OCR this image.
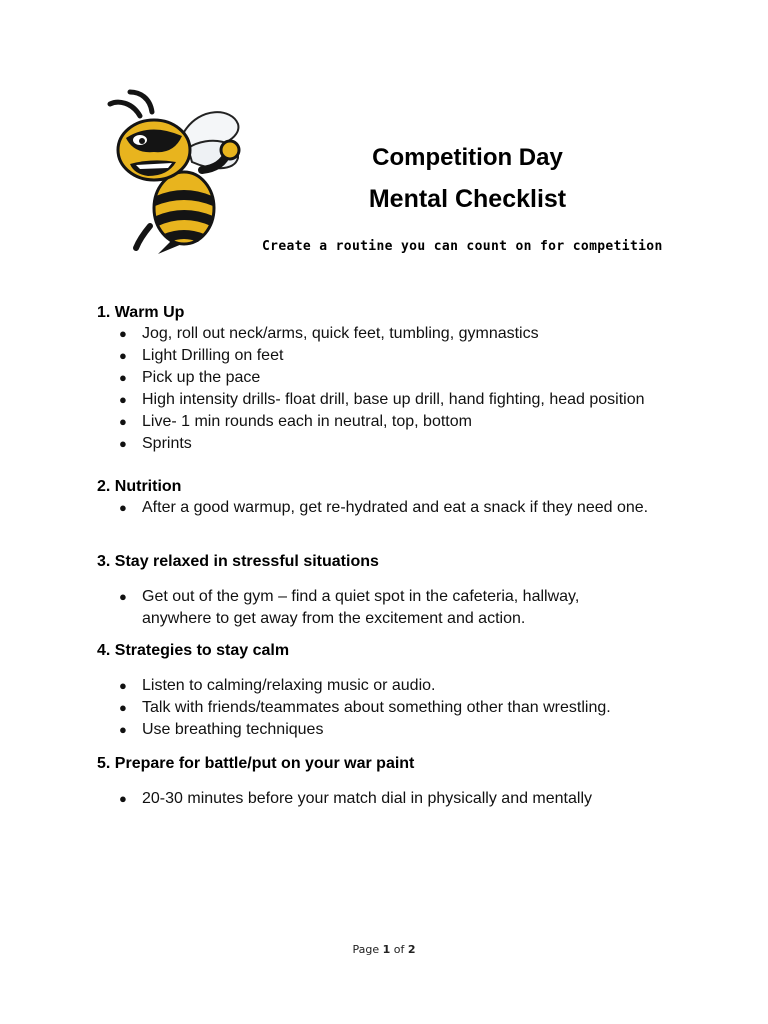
Competition Day
Mental Checklist
Create a routine you can count on for competition

1. Warm Up

● Jog, roll out neck/arms, quick feet, tumbling, gymnastics
● Light Drilling on feet
● Pick up the pace
● High intensity drills- float drill, base up drill, hand fighting, head position
● Live- 1 min rounds each in neutral, top, bottom
● Sprints

2. Nutrition

● After a good warmup, get re-hydrated and eat a snack if they need one.

3. Stay relaxed in stressful situations

● Get out of the gym – find a quiet spot in the cafeteria, hallway, anywhere to get away from the excitement and action.

4. Strategies to stay calm

● Listen to calming/relaxing music or audio.
● Talk with friends/teammates about something other than wrestling.
● Use breathing techniques

5. Prepare for battle/put on your war paint

● 20-30 minutes before your match dial in physically and mentally
Page 1 of 2
